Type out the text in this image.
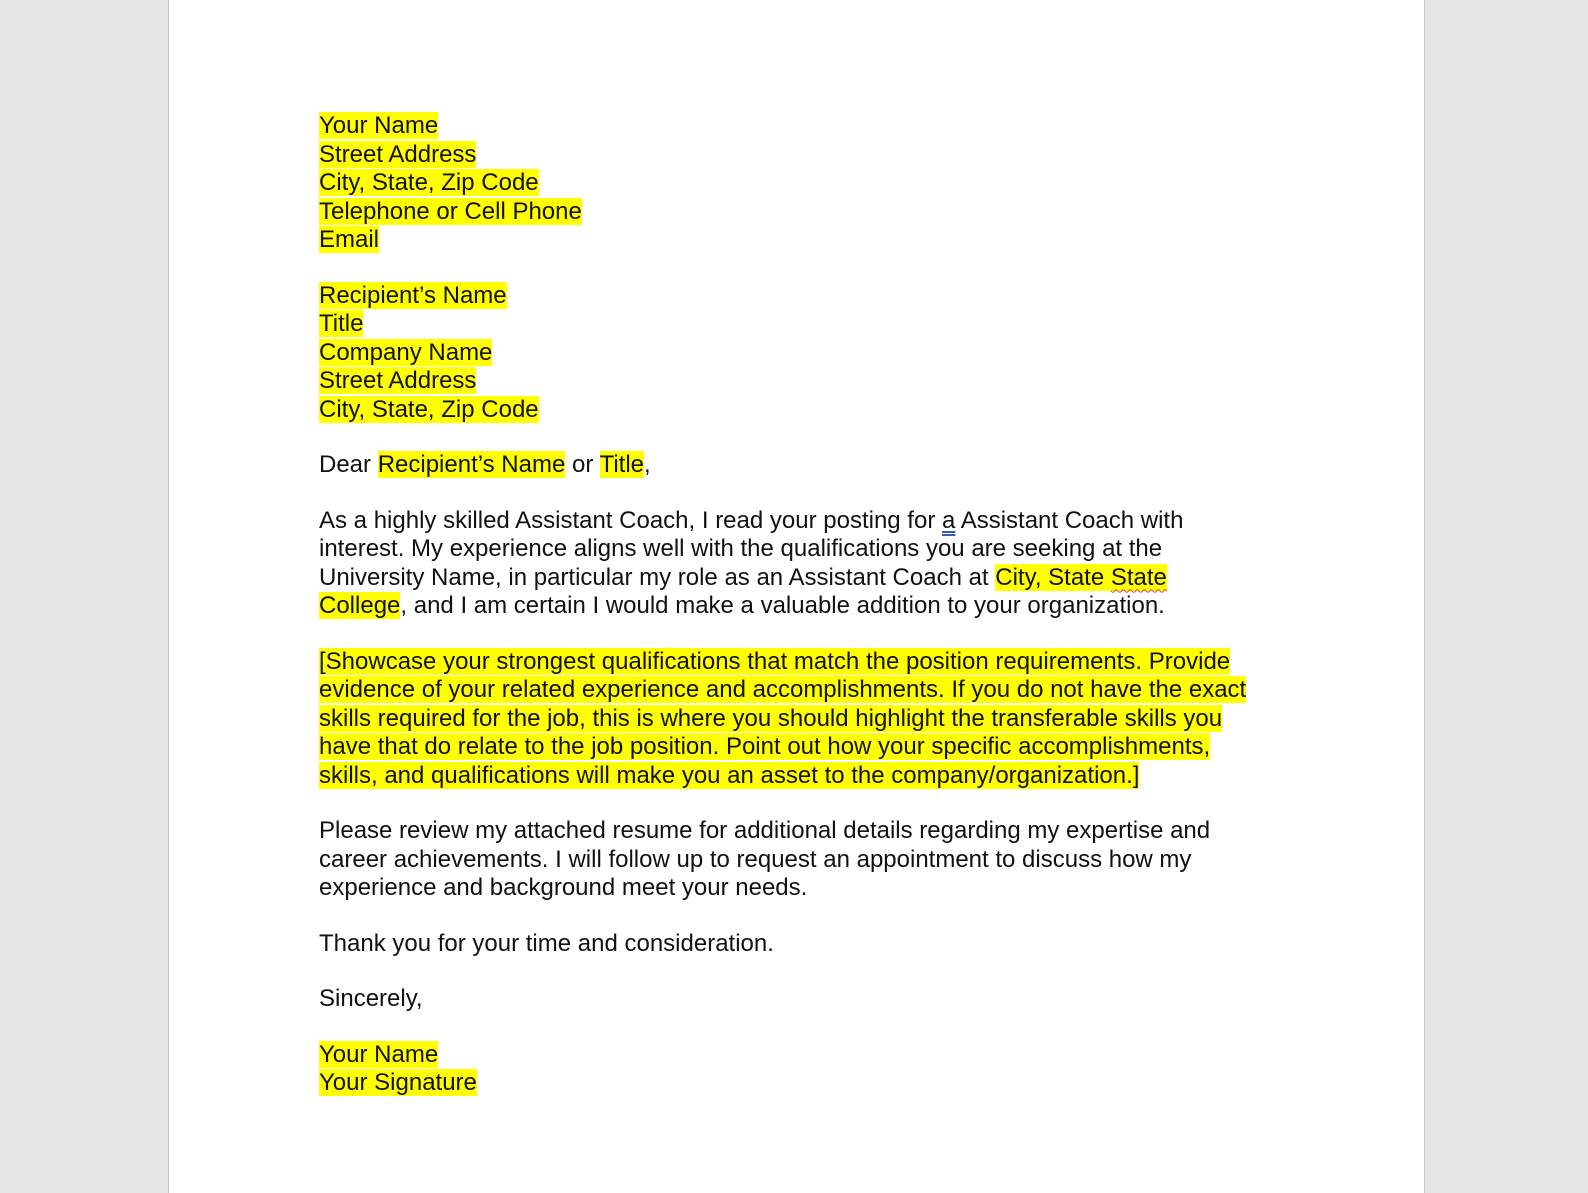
Your Name
Street Address
City, State, Zip Code
Telephone or Cell Phone
Email
Recipient’s Name
Title
Company Name
Street Address
City, State, Zip Code
Dear Recipient’s Name or Title,
As a highly skilled Assistant Coach, I read your posting for a Assistant Coach with
interest. My experience aligns well with the qualifications you are seeking at the
University Name, in particular my role as an Assistant Coach at City, State State
College, and I am certain I would make a valuable addition to your organization.
[Showcase your strongest qualifications that match the position requirements. Provide
evidence of your related experience and accomplishments. If you do not have the exact
skills required for the job, this is where you should highlight the transferable skills you
have that do relate to the job position. Point out how your specific accomplishments,
skills, and qualifications will make you an asset to the company/organization.]
Please review my attached resume for additional details regarding my expertise and
career achievements. I will follow up to request an appointment to discuss how my
experience and background meet your needs.
Thank you for your time and consideration.
Sincerely,
Your Name
Your Signature
